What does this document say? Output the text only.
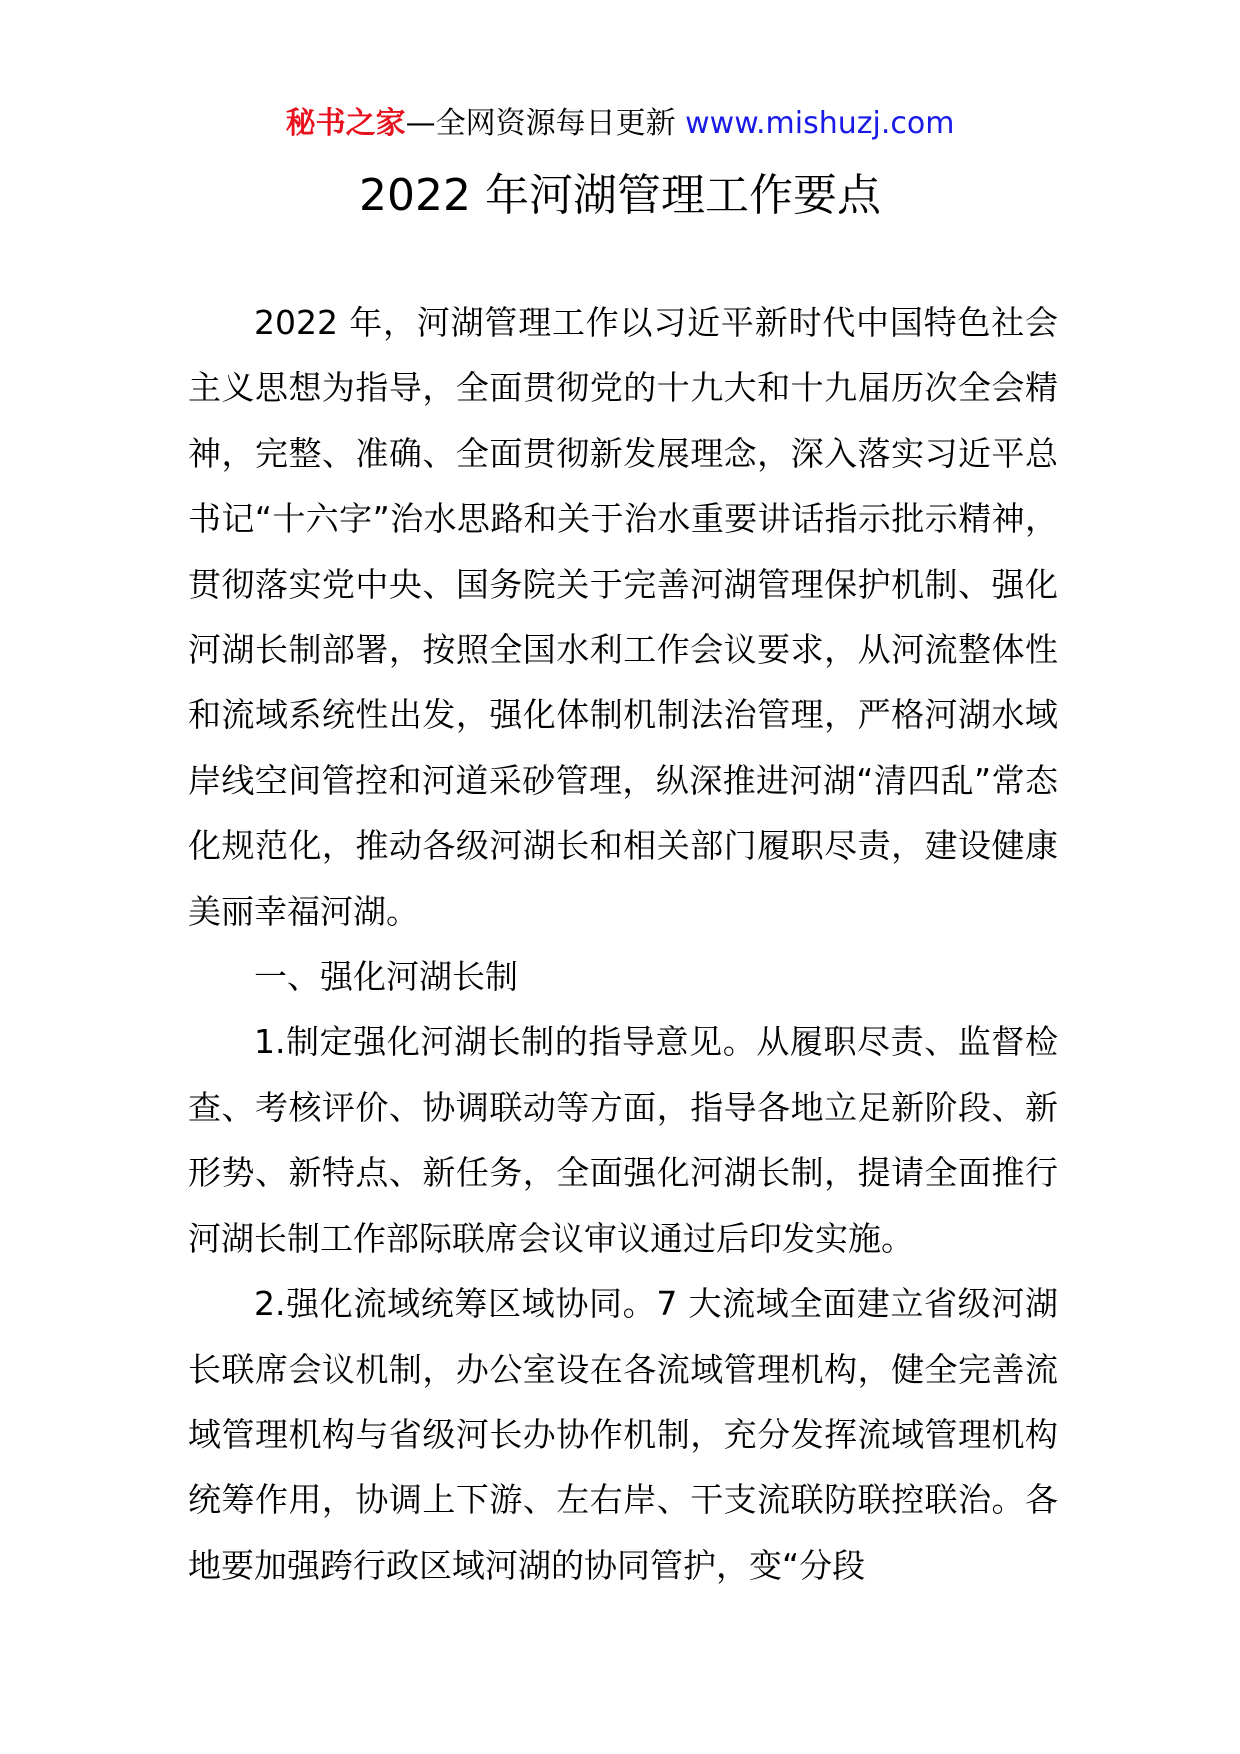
秘书之家—全网资源每日更新 www.mishuzj.com
2022 年河湖管理工作要点

2022 年，河湖管理工作以习近平新时代中国特色社会主义思想为指导，全面贯彻党的十九大和十九届历次全会精神，完整、准确、全面贯彻新发展理念，深入落实习近平总书记“十六字”治水思路和关于治水重要讲话指示批示精神，贯彻落实党中央、国务院关于完善河湖管理保护机制、强化河湖长制部署，按照全国水利工作会议要求，从河流整体性和流域系统性出发，强化体制机制法治管理，严格河湖水域岸线空间管控和河道采砂管理，纵深推进河湖“清四乱”常态化规范化，推动各级河湖长和相关部门履职尽责，建设健康美丽幸福河湖。

一、强化河湖长制

1.制定强化河湖长制的指导意见。从履职尽责、监督检查、考核评价、协调联动等方面，指导各地立足新阶段、新形势、新特点、新任务，全面强化河湖长制，提请全面推行河湖长制工作部际联席会议审议通过后印发实施。

2.强化流域统筹区域协同。7 大流域全面建立省级河湖长联席会议机制，办公室设在各流域管理机构，健全完善流域管理机构与省级河长办协作机制，充分发挥流域管理机构统筹作用，协调上下游、左右岸、干支流联防联控联治。各地要加强跨行政区域河湖的协同管护，变“分段
